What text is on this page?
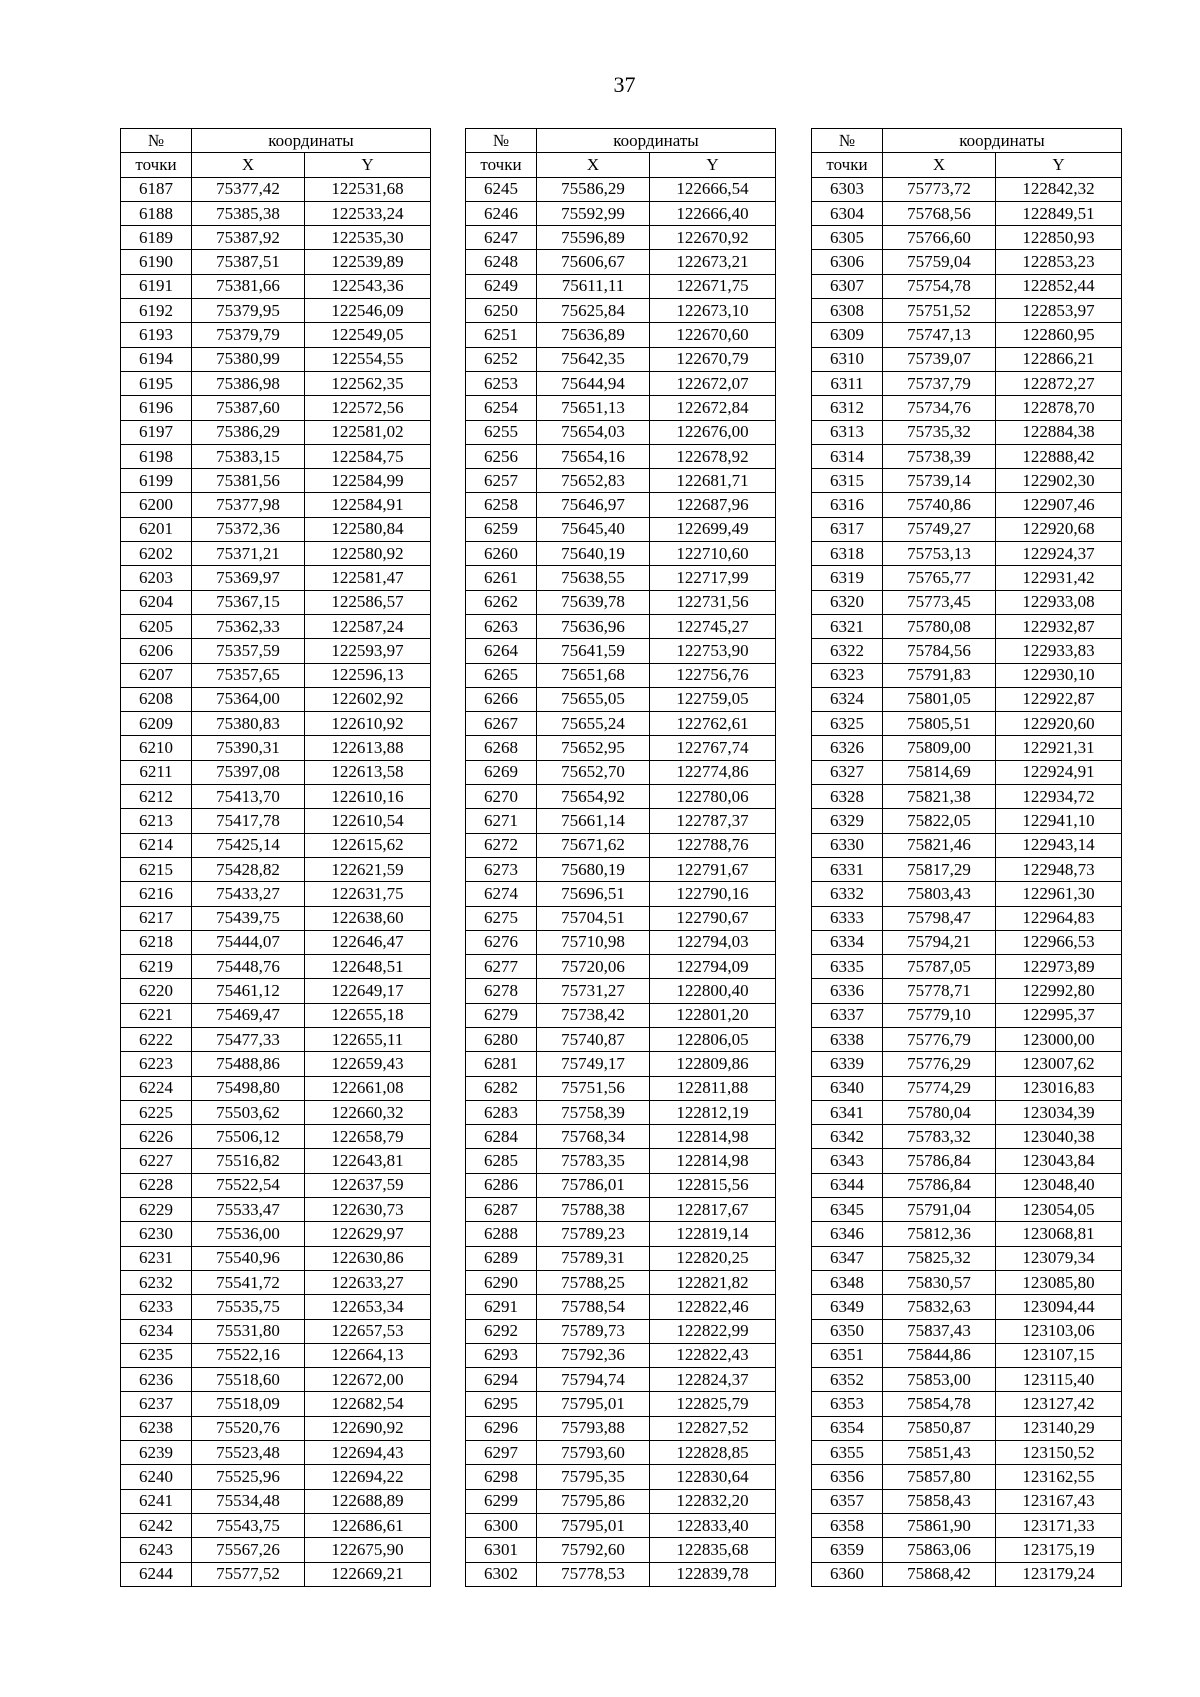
37
№	координаты	
точки	X	Y
6187	75377,42	122531,68
6188	75385,38	122533,24
6189	75387,92	122535,30
6190	75387,51	122539,89
6191	75381,66	122543,36
6192	75379,95	122546,09
6193	75379,79	122549,05
6194	75380,99	122554,55
6195	75386,98	122562,35
6196	75387,60	122572,56
6197	75386,29	122581,02
6198	75383,15	122584,75
6199	75381,56	122584,99
6200	75377,98	122584,91
6201	75372,36	122580,84
6202	75371,21	122580,92
6203	75369,97	122581,47
6204	75367,15	122586,57
6205	75362,33	122587,24
6206	75357,59	122593,97
6207	75357,65	122596,13
6208	75364,00	122602,92
6209	75380,83	122610,92
6210	75390,31	122613,88
6211	75397,08	122613,58
6212	75413,70	122610,16
6213	75417,78	122610,54
6214	75425,14	122615,62
6215	75428,82	122621,59
6216	75433,27	122631,75
6217	75439,75	122638,60
6218	75444,07	122646,47
6219	75448,76	122648,51
6220	75461,12	122649,17
6221	75469,47	122655,18
6222	75477,33	122655,11
6223	75488,86	122659,43
6224	75498,80	122661,08
6225	75503,62	122660,32
6226	75506,12	122658,79
6227	75516,82	122643,81
6228	75522,54	122637,59
6229	75533,47	122630,73
6230	75536,00	122629,97
6231	75540,96	122630,86
6232	75541,72	122633,27
6233	75535,75	122653,34
6234	75531,80	122657,53
6235	75522,16	122664,13
6236	75518,60	122672,00
6237	75518,09	122682,54
6238	75520,76	122690,92
6239	75523,48	122694,43
6240	75525,96	122694,22
6241	75534,48	122688,89
6242	75543,75	122686,61
6243	75567,26	122675,90
6244	75577,52	122669,21
№	координаты	
точки	X	Y
6245	75586,29	122666,54
6246	75592,99	122666,40
6247	75596,89	122670,92
6248	75606,67	122673,21
6249	75611,11	122671,75
6250	75625,84	122673,10
6251	75636,89	122670,60
6252	75642,35	122670,79
6253	75644,94	122672,07
6254	75651,13	122672,84
6255	75654,03	122676,00
6256	75654,16	122678,92
6257	75652,83	122681,71
6258	75646,97	122687,96
6259	75645,40	122699,49
6260	75640,19	122710,60
6261	75638,55	122717,99
6262	75639,78	122731,56
6263	75636,96	122745,27
6264	75641,59	122753,90
6265	75651,68	122756,76
6266	75655,05	122759,05
6267	75655,24	122762,61
6268	75652,95	122767,74
6269	75652,70	122774,86
6270	75654,92	122780,06
6271	75661,14	122787,37
6272	75671,62	122788,76
6273	75680,19	122791,67
6274	75696,51	122790,16
6275	75704,51	122790,67
6276	75710,98	122794,03
6277	75720,06	122794,09
6278	75731,27	122800,40
6279	75738,42	122801,20
6280	75740,87	122806,05
6281	75749,17	122809,86
6282	75751,56	122811,88
6283	75758,39	122812,19
6284	75768,34	122814,98
6285	75783,35	122814,98
6286	75786,01	122815,56
6287	75788,38	122817,67
6288	75789,23	122819,14
6289	75789,31	122820,25
6290	75788,25	122821,82
6291	75788,54	122822,46
6292	75789,73	122822,99
6293	75792,36	122822,43
6294	75794,74	122824,37
6295	75795,01	122825,79
6296	75793,88	122827,52
6297	75793,60	122828,85
6298	75795,35	122830,64
6299	75795,86	122832,20
6300	75795,01	122833,40
6301	75792,60	122835,68
6302	75778,53	122839,78
№	координаты	
точки	X	Y
6303	75773,72	122842,32
6304	75768,56	122849,51
6305	75766,60	122850,93
6306	75759,04	122853,23
6307	75754,78	122852,44
6308	75751,52	122853,97
6309	75747,13	122860,95
6310	75739,07	122866,21
6311	75737,79	122872,27
6312	75734,76	122878,70
6313	75735,32	122884,38
6314	75738,39	122888,42
6315	75739,14	122902,30
6316	75740,86	122907,46
6317	75749,27	122920,68
6318	75753,13	122924,37
6319	75765,77	122931,42
6320	75773,45	122933,08
6321	75780,08	122932,87
6322	75784,56	122933,83
6323	75791,83	122930,10
6324	75801,05	122922,87
6325	75805,51	122920,60
6326	75809,00	122921,31
6327	75814,69	122924,91
6328	75821,38	122934,72
6329	75822,05	122941,10
6330	75821,46	122943,14
6331	75817,29	122948,73
6332	75803,43	122961,30
6333	75798,47	122964,83
6334	75794,21	122966,53
6335	75787,05	122973,89
6336	75778,71	122992,80
6337	75779,10	122995,37
6338	75776,79	123000,00
6339	75776,29	123007,62
6340	75774,29	123016,83
6341	75780,04	123034,39
6342	75783,32	123040,38
6343	75786,84	123043,84
6344	75786,84	123048,40
6345	75791,04	123054,05
6346	75812,36	123068,81
6347	75825,32	123079,34
6348	75830,57	123085,80
6349	75832,63	123094,44
6350	75837,43	123103,06
6351	75844,86	123107,15
6352	75853,00	123115,40
6353	75854,78	123127,42
6354	75850,87	123140,29
6355	75851,43	123150,52
6356	75857,80	123162,55
6357	75858,43	123167,43
6358	75861,90	123171,33
6359	75863,06	123175,19
6360	75868,42	123179,24
